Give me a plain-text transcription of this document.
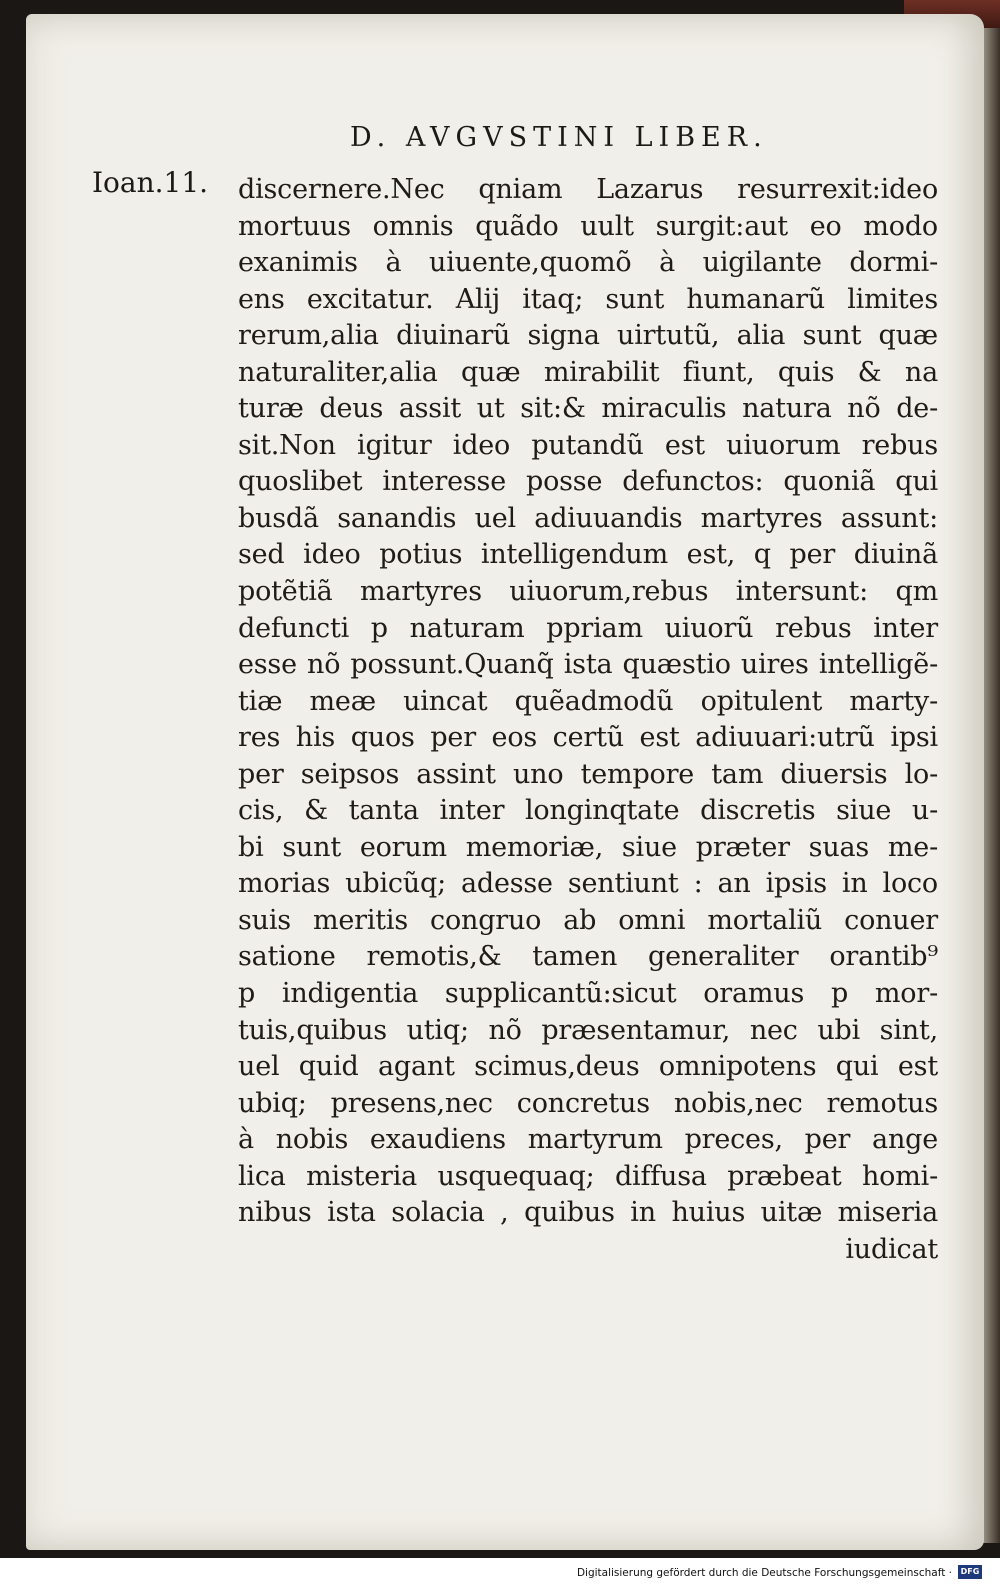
D. AVGVSTINI LIBER.
Ioan.11. discernere.Nec qniam Lazarus resurrexit:ideo
mortuus omnis quãdo uult surgit:aut eo modo
exanimis à uiuente,quomõ à uigilante dormi-
ens excitatur. Alij itaq; sunt humanarũ limites
rerum,alia diuinarũ signa uirtutũ, alia sunt quæ
naturaliter,alia quæ mirabilit fiunt, quis & na
turæ deus assit ut sit:& miraculis natura nõ de-
sit.Non igitur ideo putandũ est uiuorum rebus
quoslibet interesse posse defunctos: quoniã qui
busdã sanandis uel adiuuandis martyres assunt:
sed ideo potius intelligendum est, q per diuinã
potẽtiã martyres uiuorum,rebus intersunt: qm
defuncti p naturam ppriam uiuorũ rebus inter
esse nõ possunt.Quanq̃ ista quæstio uires intelligẽ-
tiæ meæ uincat quẽadmodũ opitulent marty-
res his quos per eos certũ est adiuuari:utrũ ipsi
per seipsos assint uno tempore tam diuersis lo-
cis, & tanta inter longinqtate discretis siue u-
bi sunt eorum memoriæ, siue præter suas me-
morias ubicũq; adesse sentiunt : an ipsis in loco
suis meritis congruo ab omni mortaliũ conuer
satione remotis,& tamen generaliter orantib⁹
p indigentia supplicantũ:sicut oramus p mor-
tuis,quibus utiq; nõ præsentamur, nec ubi sint,
uel quid agant scimus,deus omnipotens qui est
ubiq; presens,nec concretus nobis,nec remotus
à nobis exaudiens martyrum preces, per ange
lica misteria usquequaq; diffusa præbeat homi-
nibus ista solacia , quibus in huius uitæ miseria
iudicat
Digitalisierung gefördert durch die Deutsche Forschungsgemeinschaft ·	DFG
